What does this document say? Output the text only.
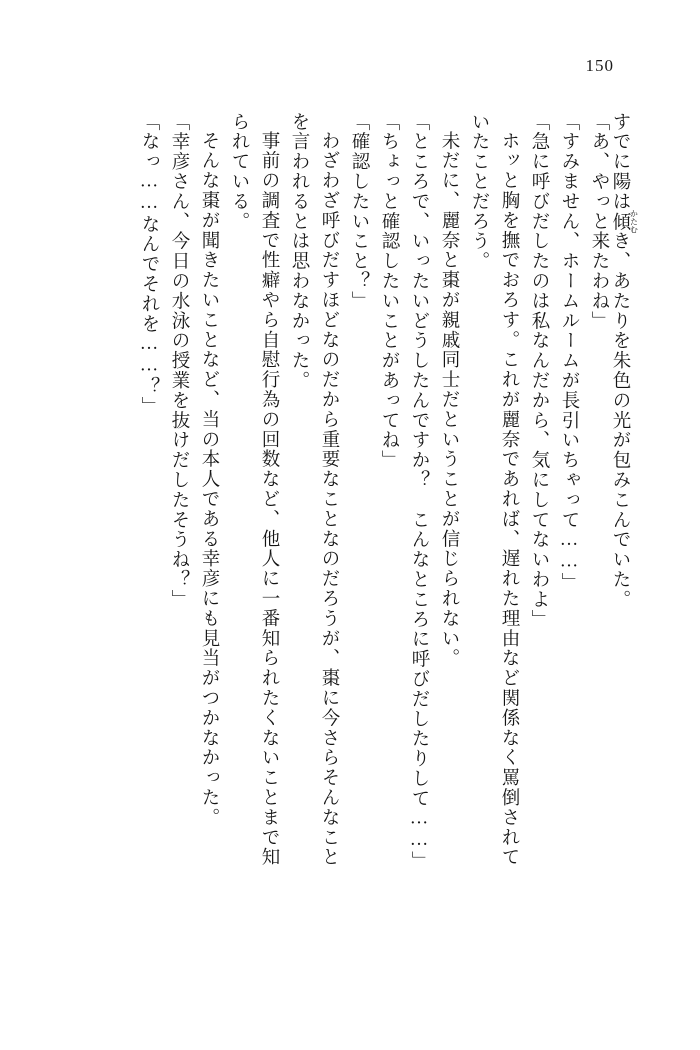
150
すでに陽は傾 かたむき、あたりを朱色の光が包みこんでいた。
「あ、やっと来たわね」
「すみません、ホームルームが長引いちゃって……」
「急に呼びだしたのは私なんだから、気にしてないわよ」
ホッと胸を撫でおろす。これが麗奈であれば、遅れた理由など関係なく罵倒されて
いたことだろう。
未だに、麗奈と棗が親戚同士だということが信じられない。
「ところで、いったいどうしたんですか？　こんなところに呼びだしたりして……」
「ちょっと確認したいことがあってね」
「確認したいこと？」
わざわざ呼びだすほどなのだから重要なことなのだろうが、棗に今さらそんなこと
を言われるとは思わなかった。
事前の調査で性癖やら自慰行為の回数など、他人に一番知られたくないことまで知
られている。
そんな棗が聞きたいことなど、当の本人である幸彦にも見当がつかなかった。
「幸彦さん、今日の水泳の授業を抜けだしたそうね？」
「なっ……なんでそれを……？」
